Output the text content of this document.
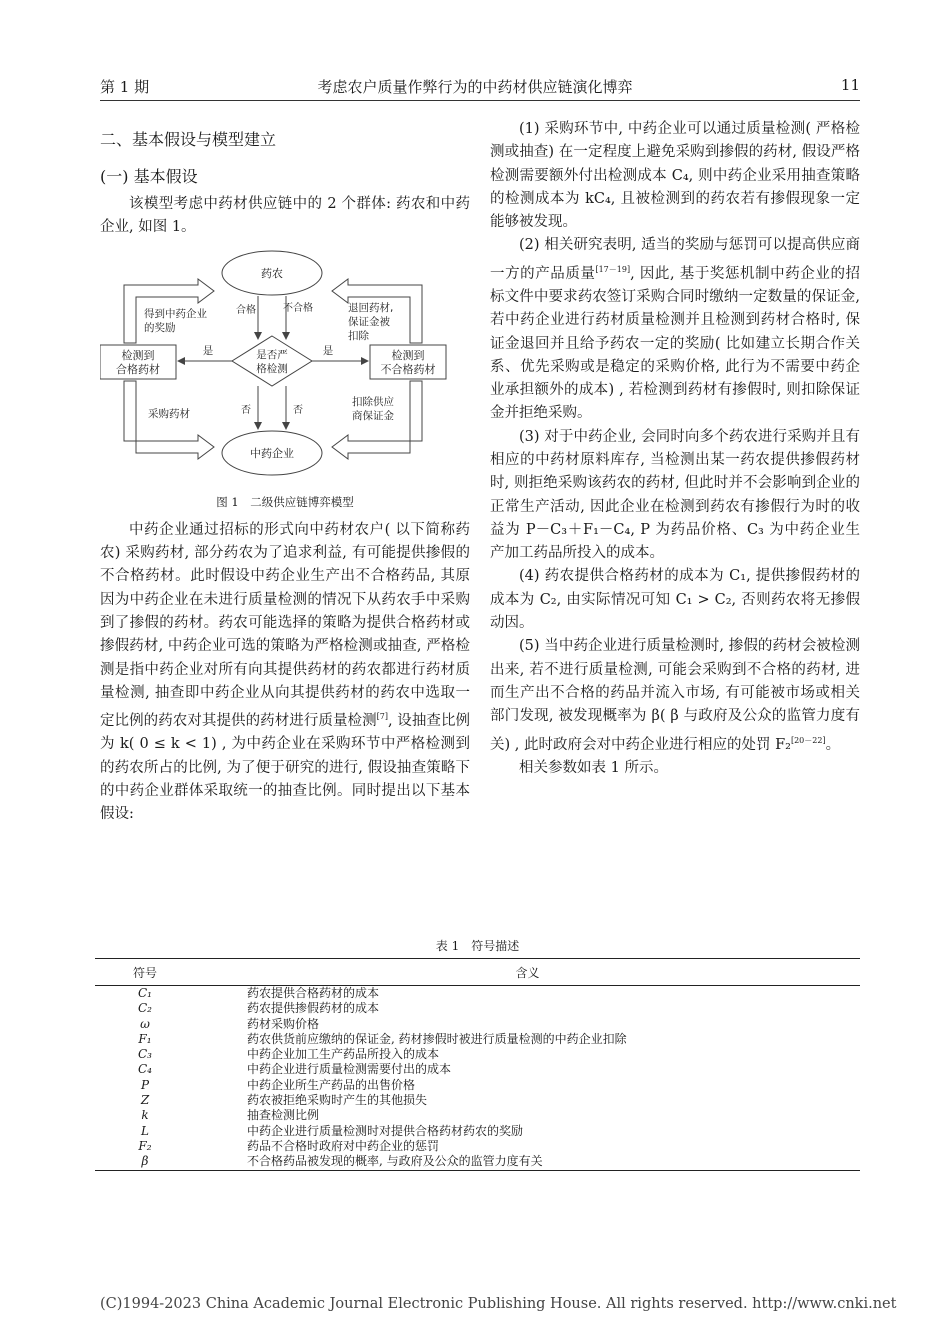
第 1 期	考虑农户质量作弊行为的中药材供应链演化博弈	11
二、基本假设与模型建立
(一) 基本假设

该模型考虑中药材供应链中的 2 个群体: 药农和中药企业, 如图 1。

药农
中药企业
是否严
格检测
检测到
合格药材
检测到
不合格药材
合格	不合格
否	否
是	是
得到中药企业
的奖励
退回药材,
保证金被
扣除
采购药材
扣除供应
商保证金
图 1　二级供应链博弈模型

中药企业通过招标的形式向中药材农户( 以下简称药农) 采购药材, 部分药农为了追求利益, 有可能提供掺假的不合格药材。此时假设中药企业生产出不合格药品, 其原因为中药企业在未进行质量检测的情况下从药农手中采购到了掺假的药材。药农可能选择的策略为提供合格药材或掺假药材, 中药企业可选的策略为严格检测或抽查, 严格检测是指中药企业对所有向其提供药材的药农都进行药材质量检测, 抽查即中药企业从向其提供药材的药农中选取一定比例的药农对其提供的药材进行质量检测[7], 设抽查比例为 k( 0 ≤ k < 1) , 为中药企业在采购环节中严格检测到的药农所占的比例, 为了便于研究的进行, 假设抽查策略下的中药企业群体采取统一的抽查比例。同时提出以下基本假设:

(1) 采购环节中, 中药企业可以通过质量检测( 严格检测或抽查) 在一定程度上避免采购到掺假的药材, 假设严格检测需要额外付出检测成本 C₄, 则中药企业采用抽查策略的检测成本为 kC₄, 且被检测到的药农若有掺假现象一定能够被发现。

(2) 相关研究表明, 适当的奖励与惩罚可以提高供应商一方的产品质量[17－19], 因此, 基于奖惩机制中药企业的招标文件中要求药农签订采购合同时缴纳一定数量的保证金, 若中药企业进行药材质量检测并且检测到药材合格时, 保证金退回并且给予药农一定的奖励( 比如建立长期合作关系、优先采购或是稳定的采购价格, 此行为不需要中药企业承担额外的成本) , 若检测到药材有掺假时, 则扣除保证金并拒绝采购。

(3) 对于中药企业, 会同时向多个药农进行采购并且有相应的中药材原料库存, 当检测出某一药农提供掺假药材时, 则拒绝采购该药农的药材, 但此时并不会影响到企业的正常生产活动, 因此企业在检测到药农有掺假行为时的收益为 P－C₃＋F₁－C₄, P 为药品价格、C₃ 为中药企业生产加工药品所投入的成本。

(4) 药农提供合格药材的成本为 C₁, 提供掺假药材的成本为 C₂, 由实际情况可知 C₁ > C₂, 否则药农将无掺假动因。

(5) 当中药企业进行质量检测时, 掺假的药材会被检测出来, 若不进行质量检测, 可能会采购到不合格的药材, 进而生产出不合格的药品并流入市场, 有可能被市场或相关部门发现, 被发现概率为 β( β 与政府及公众的监管力度有关) , 此时政府会对中药企业进行相应的处罚 F₂[20－22]。

相关参数如表 1 所示。

表 1　符号描述
符号	含义
C₁	药农提供合格药材的成本
C₂	药农提供掺假药材的成本
ω	药材采购价格
F₁	药农供货前应缴纳的保证金, 药材掺假时被进行质量检测的中药企业扣除
C₃	中药企业加工生产药品所投入的成本
C₄	中药企业进行质量检测需要付出的成本
P	中药企业所生产药品的出售价格
Z	药农被拒绝采购时产生的其他损失
k	抽查检测比例
L	中药企业进行质量检测时对提供合格药材药农的奖励
F₂	药品不合格时政府对中药企业的惩罚
β	不合格药品被发现的概率, 与政府及公众的监管力度有关
(C)1994-2023 China Academic Journal Electronic Publishing House. All rights reserved. http://www.cnki.net
